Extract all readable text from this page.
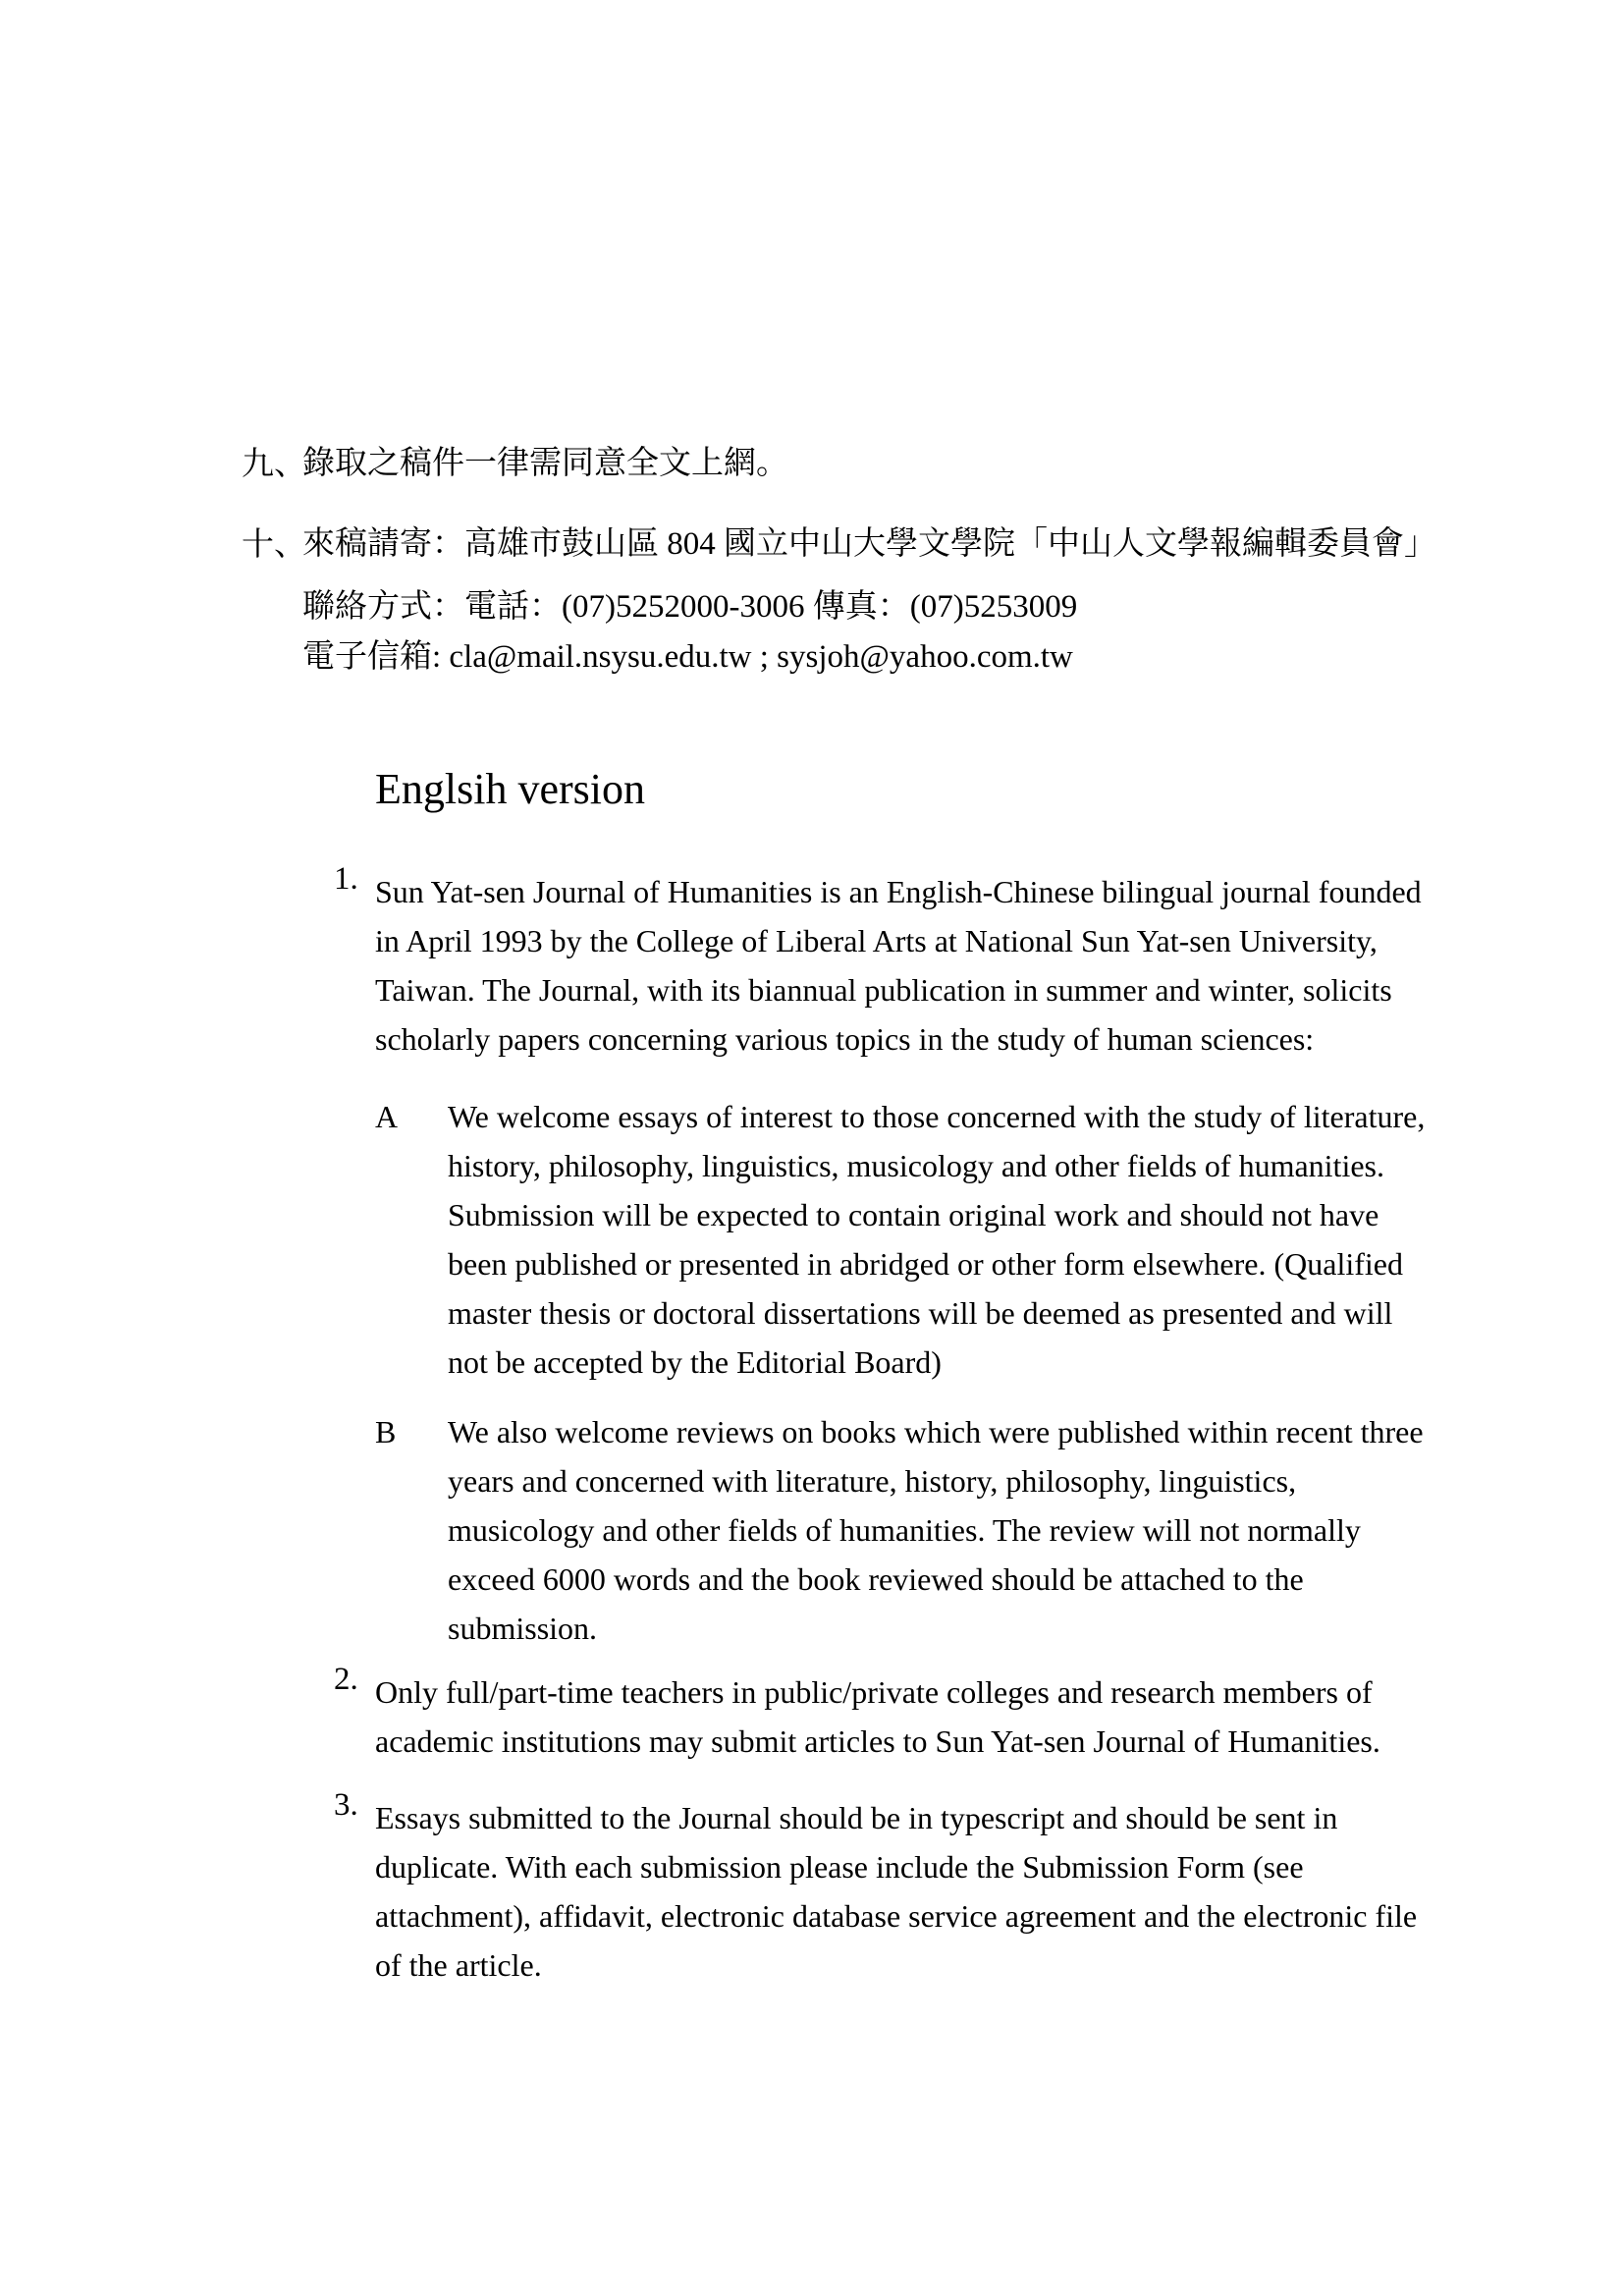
九、
錄取之稿件一律需同意全文上網。
十、
來稿請寄：高雄市鼓山區 804 國立中山大學文學院「中山人文學報編輯委員會」
聯絡方式：電話：(07)5252000-3006 傳真：(07)5253009
電子信箱: cla@mail.nsysu.edu.tw ; sysjoh@yahoo.com.tw
Englsih version
1. Sun Yat-sen Journal of Humanities is an English-Chinese bilingual journal founded in April 1993 by the College of Liberal Arts at National Sun Yat-sen University, Taiwan. The Journal, with its biannual publication in summer and winter, solicits scholarly papers concerning various topics in the study of human sciences:
A We welcome essays of interest to those concerned with the study of literature, history, philosophy, linguistics, musicology and other fields of humanities. Submission will be expected to contain original work and should not have been published or presented in abridged or other form elsewhere. (Qualified master thesis or doctoral dissertations will be deemed as presented and will not be accepted by the Editorial Board)
B We also welcome reviews on books which were published within recent three years and concerned with literature, history, philosophy, linguistics, musicology and other fields of humanities. The review will not normally exceed 6000 words and the book reviewed should be attached to the submission.
2. Only full/part-time teachers in public/private colleges and research members of academic institutions may submit articles to Sun Yat-sen Journal of Humanities.
3. Essays submitted to the Journal should be in typescript and should be sent in duplicate. With each submission please include the Submission Form (see attachment), affidavit, electronic database service agreement and the electronic file of the article.
